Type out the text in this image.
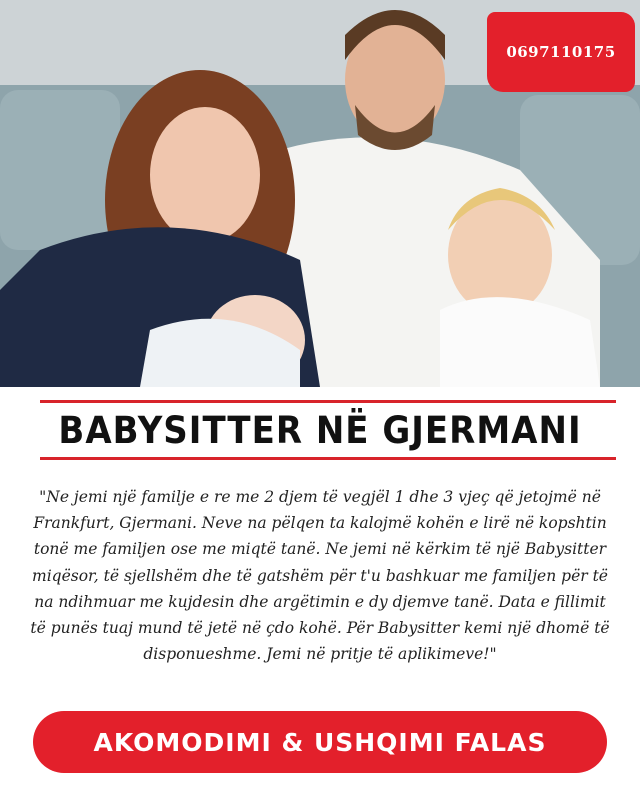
0697110175
BABYSITTER NË GJERMANI
"Ne jemi një familje e re me 2 djem të vegjël 1 dhe 3 vjeç që jetojmë në Frankfurt, Gjermani. Neve na pëlqen ta kalojmë kohën e lirë në kopshtin tonë me familjen ose me miqtë tanë. Ne jemi në kërkim të një Babysitter miqësor, të sjellshëm dhe të gatshëm për t'u bashkuar me familjen për të na ndihmuar me kujdesin dhe argëtimin e dy djemve tanë. Data e fillimit të punës tuaj mund të jetë në çdo kohë. Për Babysitter kemi një dhomë të disponueshme. Jemi në pritje të aplikimeve!"
AKOMODIMI & USHQIMI FALAS
